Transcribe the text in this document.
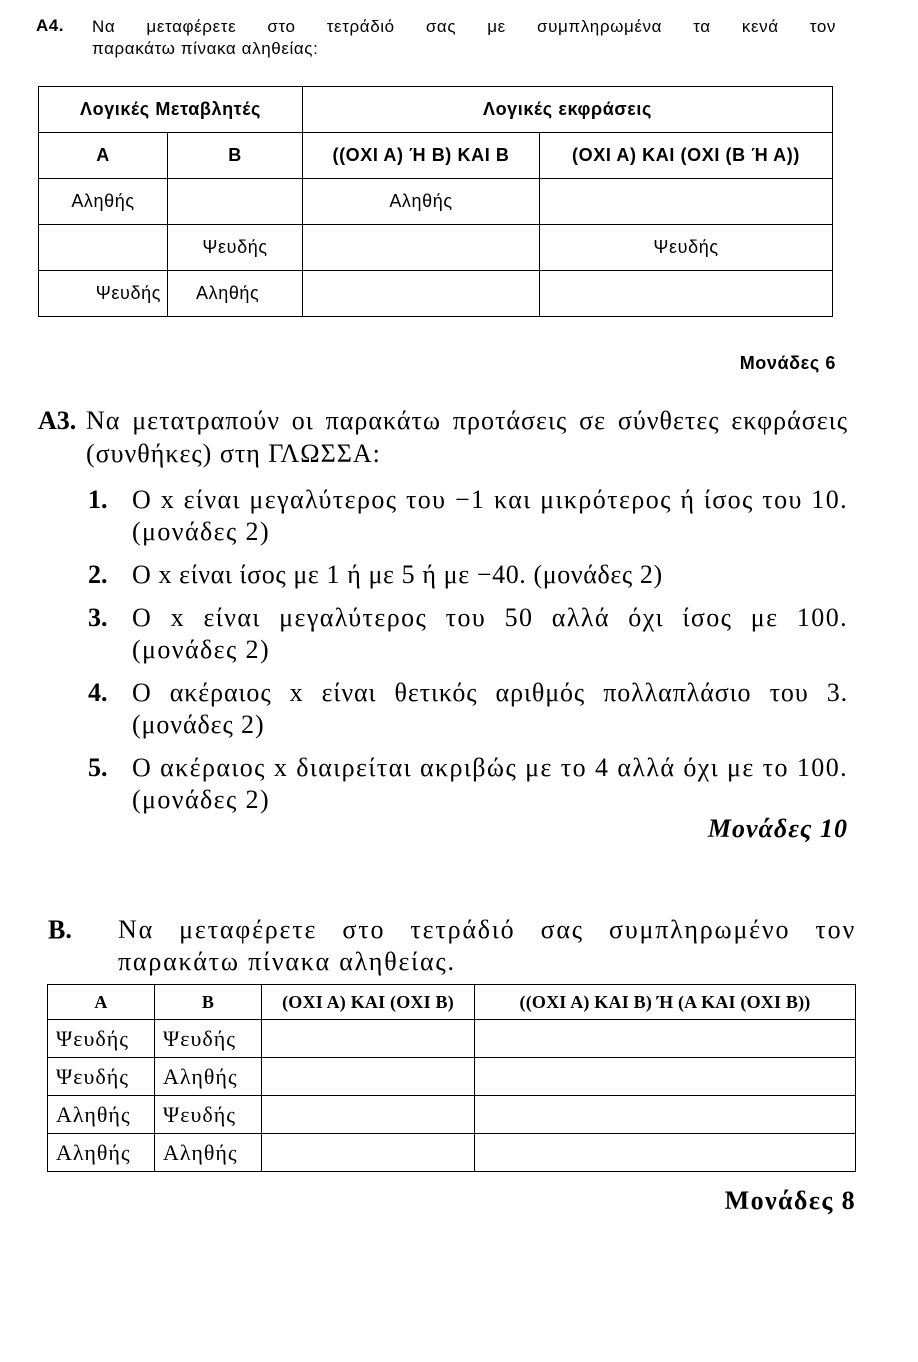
Α4.	Να μεταφέρετε στο τετράδιό σας με συμπληρωμένα τα κενά τον
παρακάτω πίνακα αληθείας:
Λογικές Μεταβλητές		Λογικές εκφράσεις	
Α	Β	((ΟΧΙ Α) Ή Β) ΚΑΙ Β	(ΟΧΙ Α) ΚΑΙ (ΟΧΙ (Β Ή Α))
Αληθής		Αληθής	
	Ψευδής		Ψευδής
Ψευδής	Αληθής		
Μονάδες 6
Α3. Να μετατραπούν οι παρακάτω προτάσεις σε σύνθετες εκφράσεις (συνθήκες) στη ΓΛΩΣΣΑ:
1. Ο x είναι μεγαλύτερος του −1 και μικρότερος ή ίσος του 10. (μονάδες 2)
2. Ο x είναι ίσος με 1 ή με 5 ή με −40. (μονάδες 2)
3. Ο x είναι μεγαλύτερος του 50 αλλά όχι ίσος με 100. (μονάδες 2)
4. Ο ακέραιος x είναι θετικός αριθμός πολλαπλάσιο του 3. (μονάδες 2)
5. Ο ακέραιος x διαιρείται ακριβώς με το 4 αλλά όχι με το 100. (μονάδες 2)
Μονάδες 10
Β.	Να μεταφέρετε στο τετράδιό σας συμπληρωμένο τον
παρακάτω πίνακα αληθείας.
Α	Β	(ΟΧΙ Α) ΚΑΙ (ΟΧΙ Β)	((ΟΧΙ Α) ΚΑΙ Β) Ή (Α ΚΑΙ (ΟΧΙ Β))
Ψευδής	Ψευδής		
Ψευδής	Αληθής		
Αληθής	Ψευδής		
Αληθής	Αληθής		
Μονάδες 8
